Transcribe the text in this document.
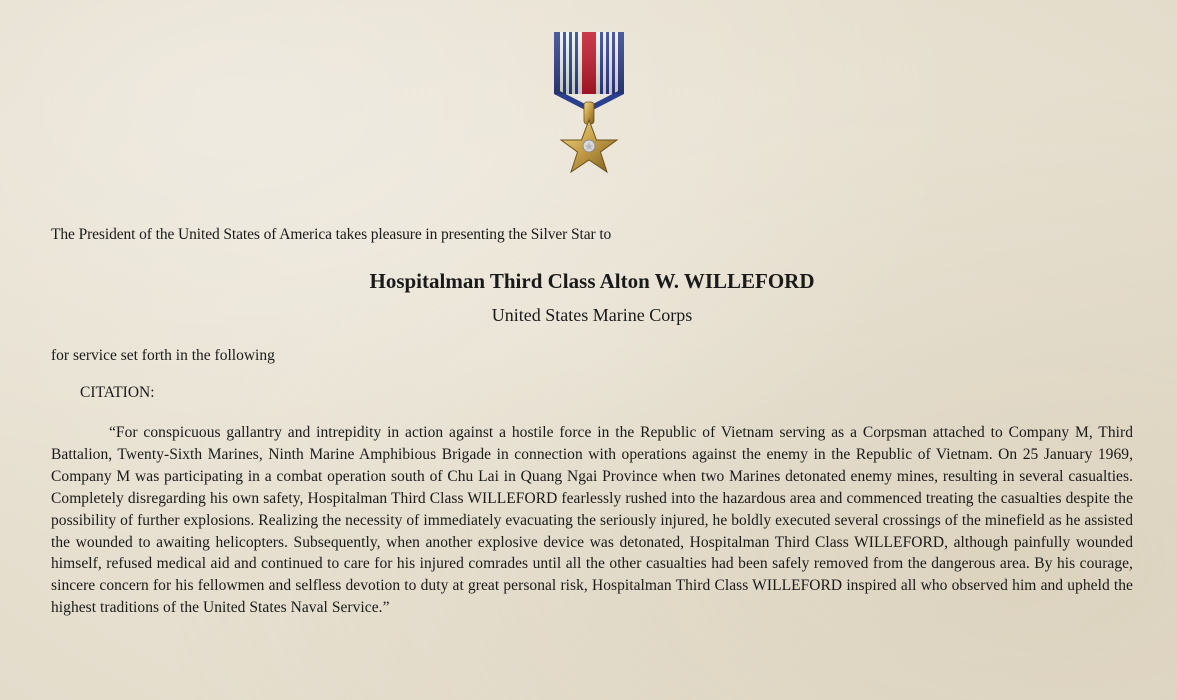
The President of the United States of America takes pleasure in presenting the Silver Star to
Hospitalman Third Class Alton W. WILLEFORD
United States Marine Corps
for service set forth in the following
CITATION:
“For conspicuous gallantry and intrepidity in action against a hostile force in the Republic of Vietnam serving as a Corpsman attached to Company M, Third Battalion, Twenty-Sixth Marines, Ninth Marine Amphibious Brigade in connection with operations against the enemy in the Republic of Vietnam. On 25 January 1969, Company M was participating in a combat operation south of Chu Lai in Quang Ngai Province when two Marines detonated enemy mines, resulting in several casualties. Completely disregarding his own safety, Hospitalman Third Class WILLEFORD fearlessly rushed into the hazardous area and commenced treating the casualties despite the possibility of further explosions. Realizing the necessity of immediately evacuating the seriously injured, he boldly executed several crossings of the minefield as he assisted the wounded to awaiting helicopters. Subsequently, when another explosive device was detonated, Hospitalman Third Class WILLEFORD, although painfully wounded himself, refused medical aid and continued to care for his injured comrades until all the other casualties had been safely removed from the dangerous area. By his courage, sincere concern for his fellowmen and selfless devotion to duty at great personal risk, Hospitalman Third Class WILLEFORD inspired all who observed him and upheld the highest traditions of the United States Naval Service.”
